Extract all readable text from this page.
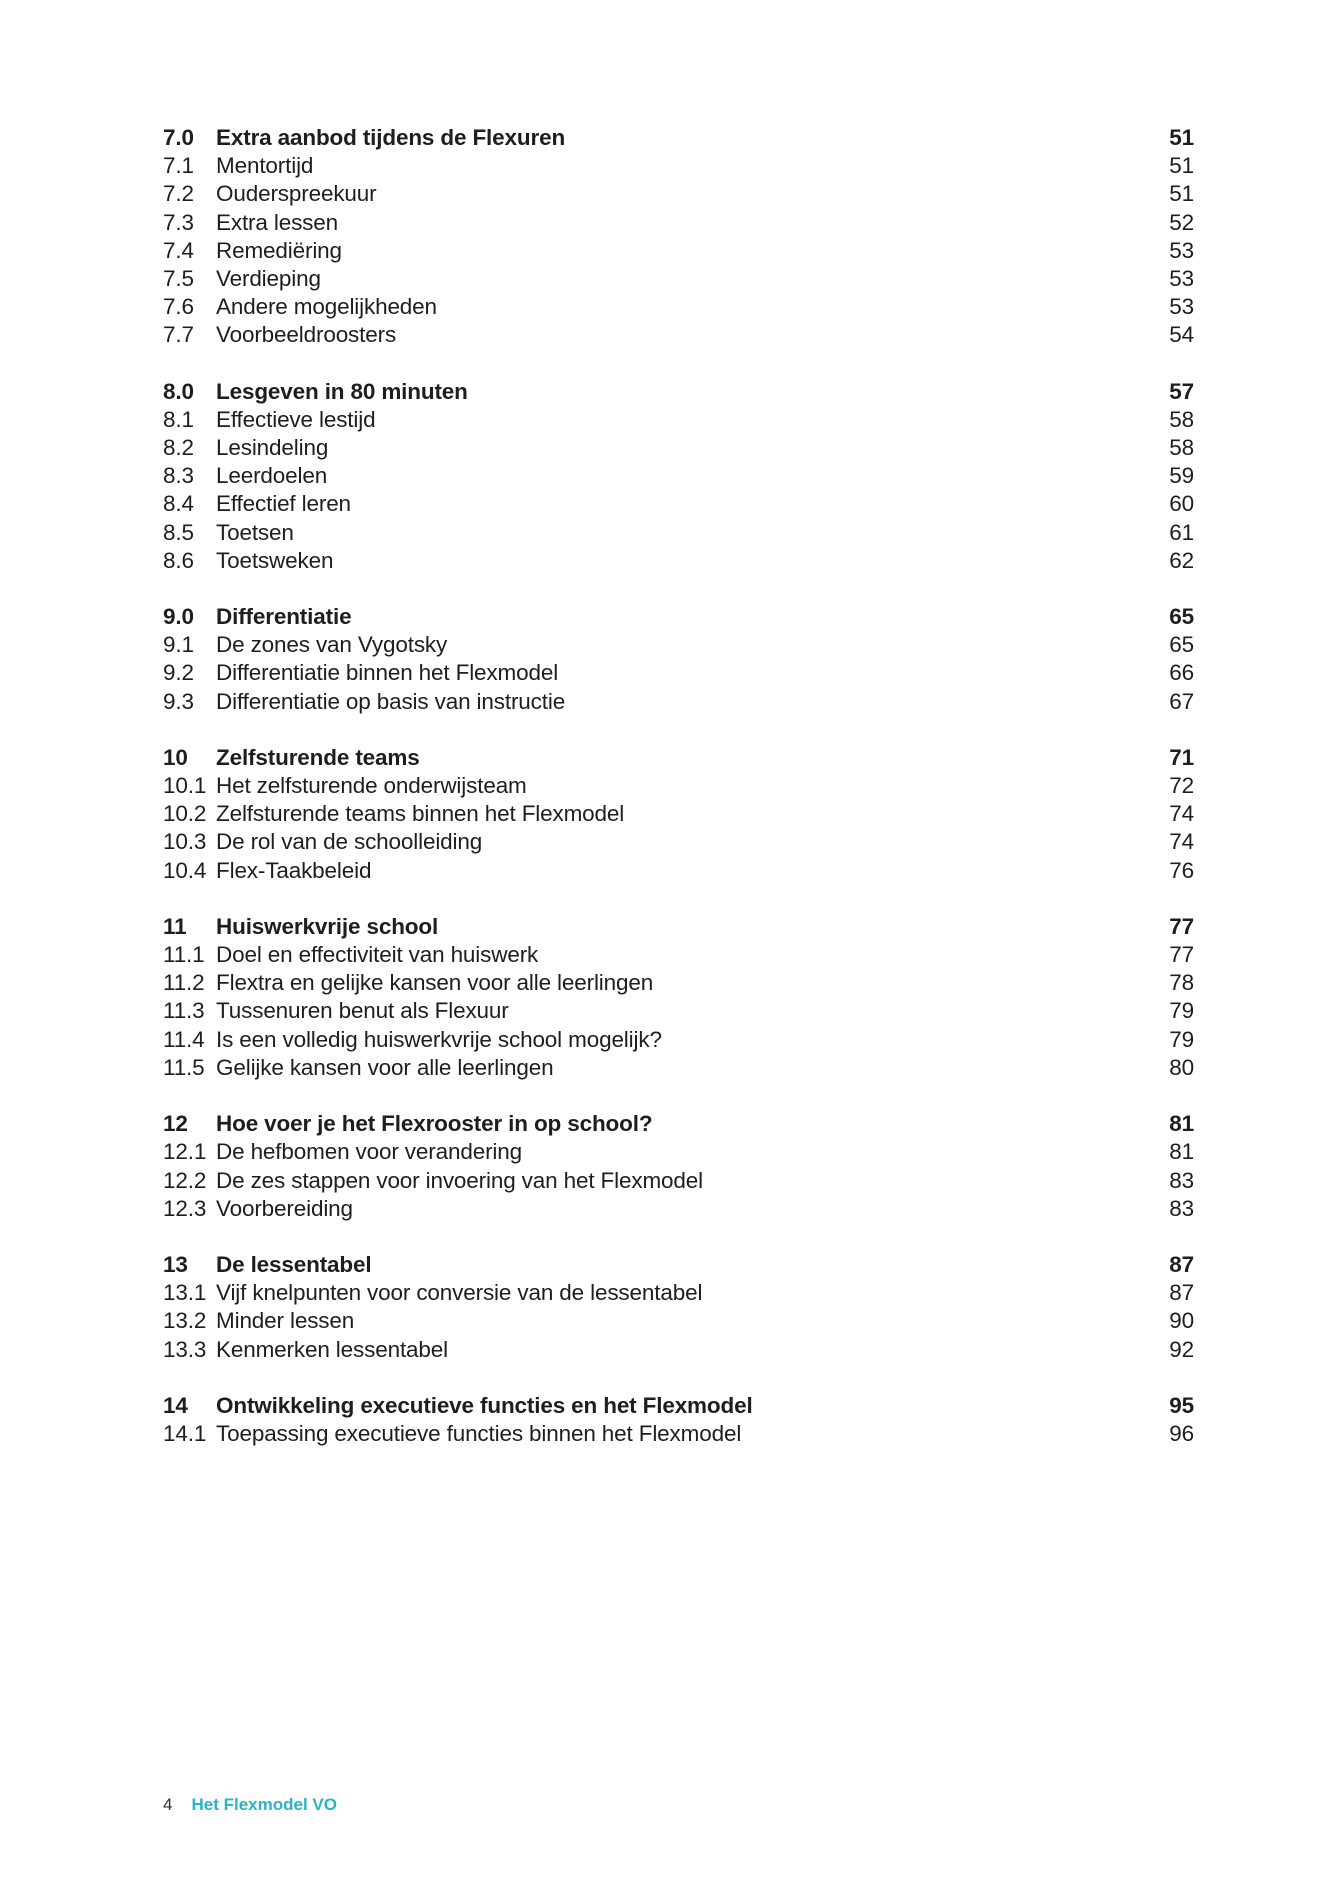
7.0 Extra aanbod tijdens de Flexuren	51
7.1 Mentortijd	51
7.2 Ouderspreekuur	51
7.3 Extra lessen	52
7.4 Remediëring	53
7.5 Verdieping	53
7.6 Andere mogelijkheden	53
7.7 Voorbeeldroosters	54
8.0 Lesgeven in 80 minuten	57
8.1 Effectieve lestijd	58
8.2 Lesindeling	58
8.3 Leerdoelen	59
8.4 Effectief leren	60
8.5 Toetsen	61
8.6 Toetsweken	62
9.0 Differentiatie	65
9.1 De zones van Vygotsky	65
9.2 Differentiatie binnen het Flexmodel	66
9.3 Differentiatie op basis van instructie	67
10	Zelfsturende teams	71
10.1 Het zelfsturende onderwijsteam	72
10.2 Zelfsturende teams binnen het Flexmodel	74
10.3 De rol van de schoolleiding	74
10.4 Flex-Taakbeleid	76
11	Huiswerkvrije school	77
11.1 Doel en effectiviteit van huiswerk	77
11.2 Flextra en gelijke kansen voor alle leerlingen	78
11.3 Tussenuren benut als Flexuur	79
11.4 Is een volledig huiswerkvrije school mogelijk?	79
11.5 Gelijke kansen voor alle leerlingen	80
12	Hoe voer je het Flexrooster in op school?	81
12.1 De hefbomen voor verandering	81
12.2 De zes stappen voor invoering van het Flexmodel	83
12.3 Voorbereiding	83
13	De lessentabel	87
13.1 Vijf knelpunten voor conversie van de lessentabel	87
13.2 Minder lessen	90
13.3 Kenmerken lessentabel	92
14	Ontwikkeling executieve functies en het Flexmodel	95
14.1 Toepassing executieve functies binnen het Flexmodel	96
4 Het Flexmodel VO
